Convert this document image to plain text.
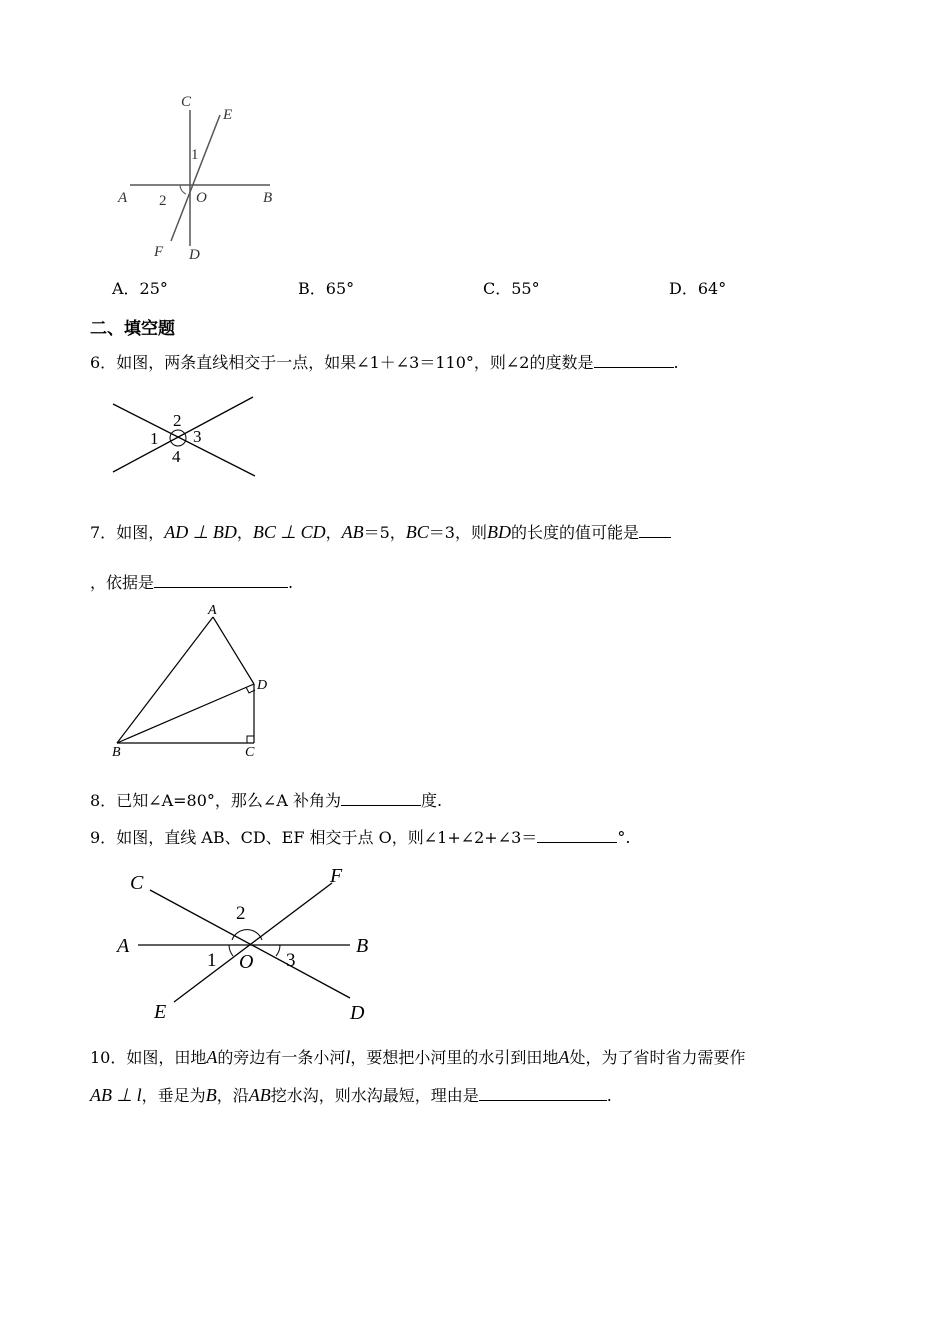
C
E
1
A 2 O	B
F D
A．25°	B．65°	C．55°	D．64°
二、填空题
6．如图，两条直线相交于一点，如果∠1＋∠3＝110°，则∠2的度数是	.
2
1 3
4
7．如图，AD ⊥ BD，BC ⊥ CD，AB＝5，BC＝3，则BD的长度的值可能是
，依据是	.
A
D
B	C
8．已知∠A=80°，那么∠A 补角为	度.
9．如图，直线 AB、CD、EF 相交于点 O，则∠1+∠2+∠3＝	°.
C	F
2
A
1 O 3
B
E	D
10．如图，田地A的旁边有一条小河l，要想把小河里的水引到田地A处，为了省时省力需要作
AB ⊥ l，垂足为B，沿AB挖水沟，则水沟最短，理由是	.
